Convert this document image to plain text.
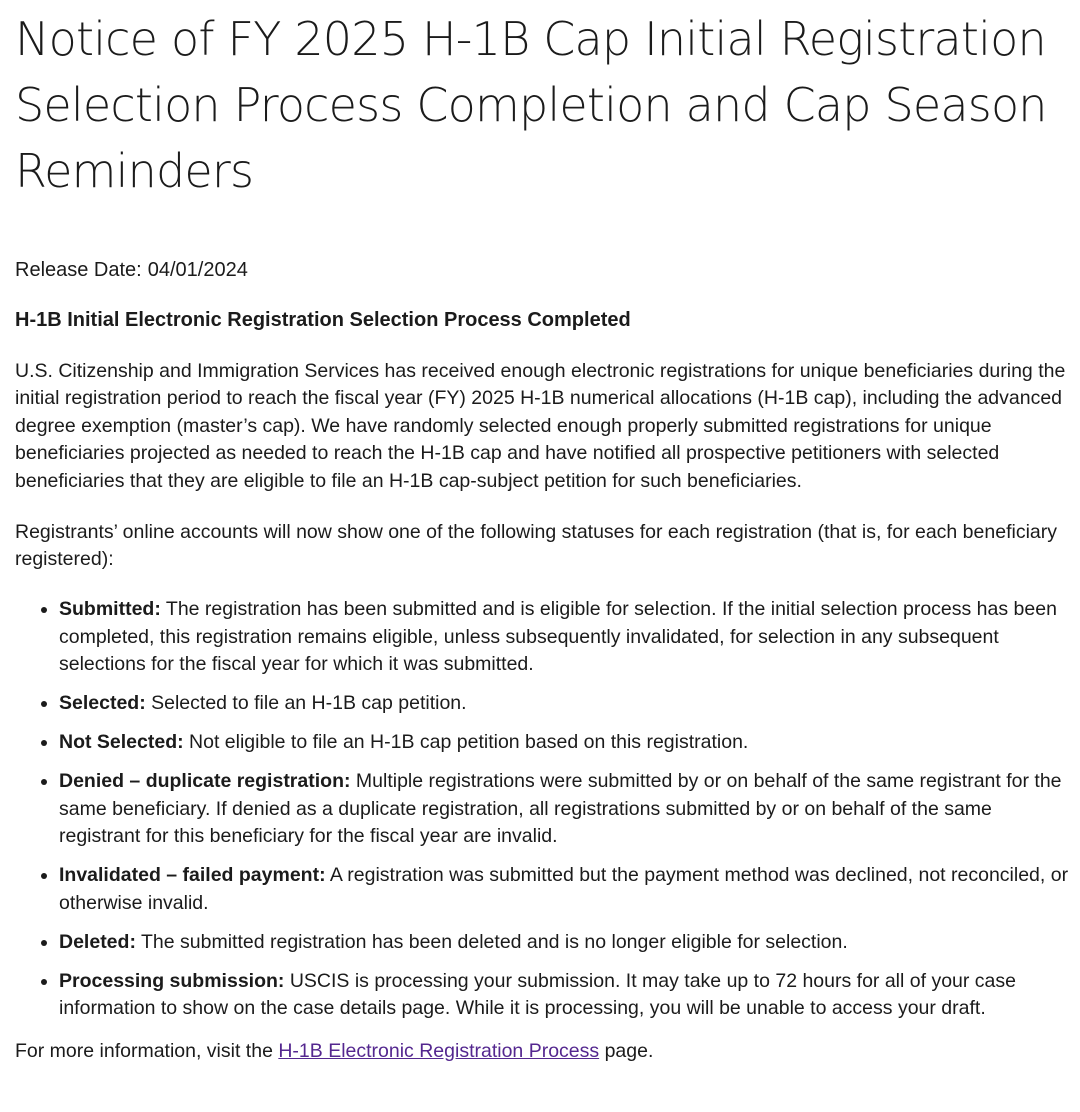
Notice of FY 2025 H-1B Cap Initial Registration Selection Process Completion and Cap Season Reminders
Release Date: 04/01/2024
H-1B Initial Electronic Registration Selection Process Completed

U.S. Citizenship and Immigration Services has received enough electronic registrations for unique beneficiaries during the initial registration period to reach the fiscal year (FY) 2025 H-1B numerical allocations (H-1B cap), including the advanced degree exemption (master’s cap). We have randomly selected enough properly submitted registrations for unique beneficiaries projected as needed to reach the H-1B cap and have notified all prospective petitioners with selected beneficiaries that they are eligible to file an H-1B cap-subject petition for such beneficiaries.

Registrants’ online accounts will now show one of the following statuses for each registration (that is, for each beneficiary registered):

• Submitted: The registration has been submitted and is eligible for selection. If the initial selection process has been completed, this registration remains eligible, unless subsequently invalidated, for selection in any subsequent selections for the fiscal year for which it was submitted.
• Selected: Selected to file an H-1B cap petition.
• Not Selected: Not eligible to file an H-1B cap petition based on this registration.
• Denied – duplicate registration: Multiple registrations were submitted by or on behalf of the same registrant for the same beneficiary. If denied as a duplicate registration, all registrations submitted by or on behalf of the same registrant for this beneficiary for the fiscal year are invalid.
• Invalidated – failed payment: A registration was submitted but the payment method was declined, not reconciled, or otherwise invalid.
• Deleted: The submitted registration has been deleted and is no longer eligible for selection.
• Processing submission: USCIS is processing your submission. It may take up to 72 hours for all of your case information to show on the case details page. While it is processing, you will be unable to access your draft.
For more information, visit the H-1B Electronic Registration Process page.
